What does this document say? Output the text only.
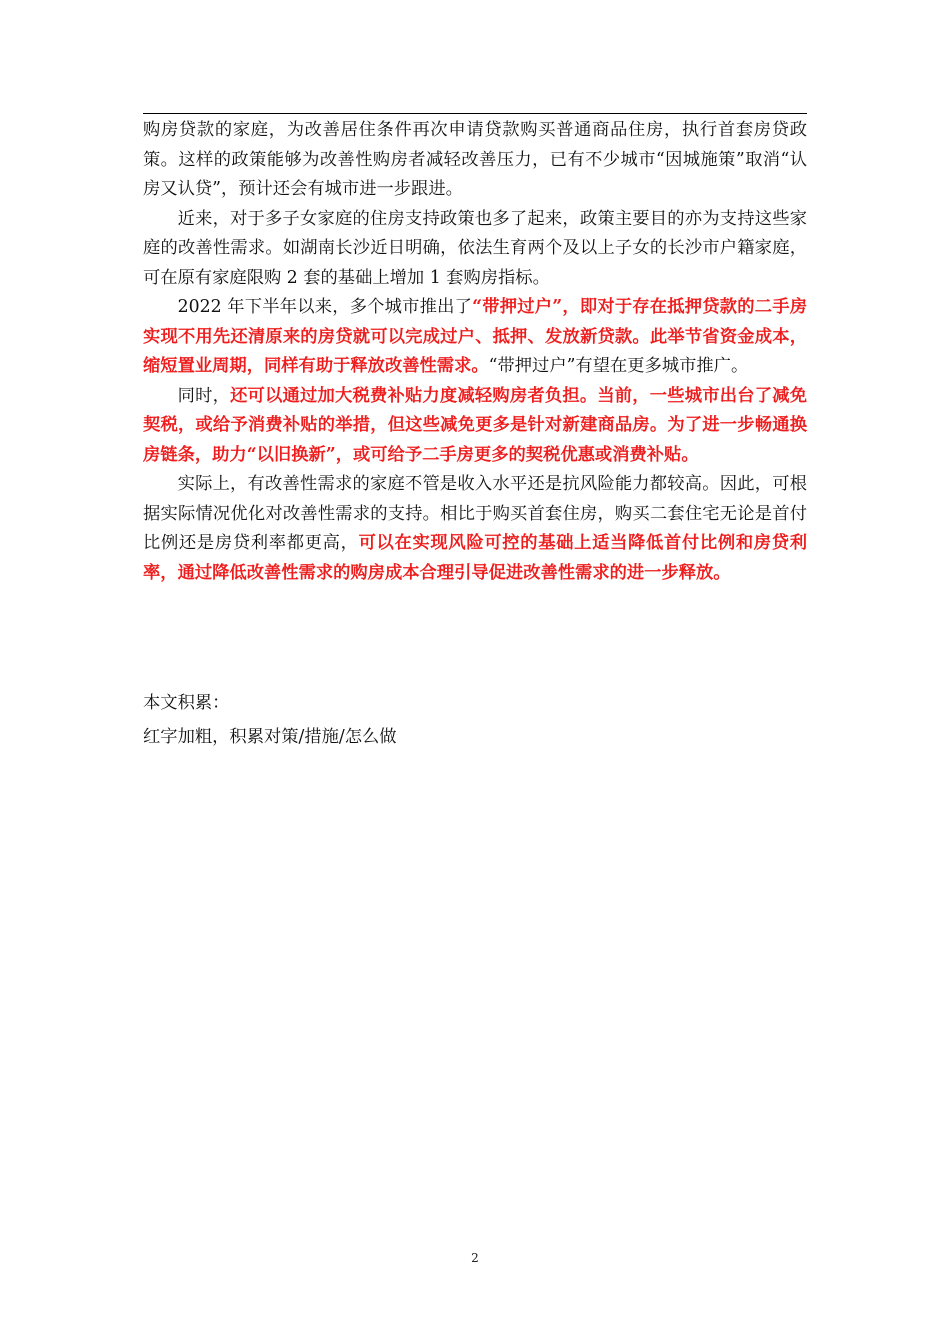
购房贷款的家庭，为改善居住条件再次申请贷款购买普通商品住房，执行首套房贷政策。这样的政策能够为改善性购房者减轻改善压力，已有不少城市“因城施策”取消“认房又认贷”，预计还会有城市进一步跟进。

近来，对于多子女家庭的住房支持政策也多了起来，政策主要目的亦为支持这些家庭的改善性需求。如湖南长沙近日明确，依法生育两个及以上子女的长沙市户籍家庭，可在原有家庭限购 2 套的基础上增加 1 套购房指标。

2022 年下半年以来，多个城市推出了“带押过户”，即对于存在抵押贷款的二手房实现不用先还清原来的房贷就可以完成过户、抵押、发放新贷款。此举节省资金成本，缩短置业周期，同样有助于释放改善性需求。“带押过户”有望在更多城市推广。

同时，还可以通过加大税费补贴力度减轻购房者负担。当前，一些城市出台了减免契税，或给予消费补贴的举措，但这些减免更多是针对新建商品房。为了进一步畅通换房链条，助力“以旧换新”，或可给予二手房更多的契税优惠或消费补贴。

实际上，有改善性需求的家庭不管是收入水平还是抗风险能力都较高。因此，可根据实际情况优化对改善性需求的支持。相比于购买首套住房，购买二套住宅无论是首付比例还是房贷利率都更高，可以在实现风险可控的基础上适当降低首付比例和房贷利率，通过降低改善性需求的购房成本合理引导促进改善性需求的进一步释放。

本文积累：

红字加粗，积累对策/措施/怎么做

2
